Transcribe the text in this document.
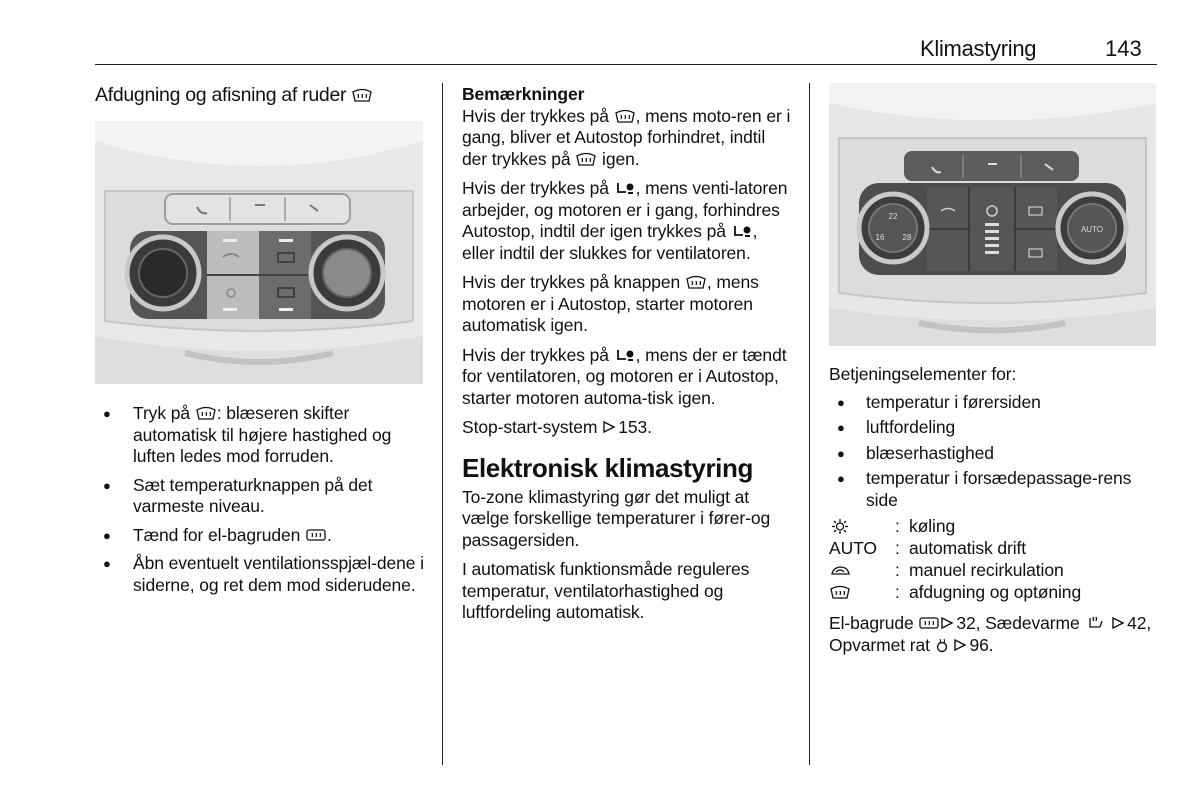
Klimastyring	143
Afdugning og afisning af ruder
● Tryk på
: blæseren skifter automatisk til højere hastighed og luften ledes mod forruden.
● Sæt temperaturknappen på det varmeste niveau.
● Tænd for el-bagruden
.
● Åbn eventuelt ventilationsspjæl-dene i siderne, og ret dem mod siderudene.
Bemærkninger

Hvis der trykkes på
, mens moto-ren er i gang, bliver et Autostop forhindret, indtil der trykkes på
igen.

Hvis der trykkes på
, mens venti-latoren arbejder, og motoren er i gang, forhindres Autostop, indtil der igen trykkes på
, eller indtil der slukkes for ventilatoren.

Hvis der trykkes på knappen
, mens motoren er i Autostop, starter motoren automatisk igen.

Hvis der trykkes på
, mens der er tændt for ventilatoren, og motoren er i Autostop, starter motoren automa-tisk igen.

Stop-start-system 153.

Elektronisk klimastyring

To-zone klimastyring gør det muligt at vælge forskellige temperaturer i fører-og passagersiden.

I automatisk funktionsmåde reguleres temperatur, ventilatorhastighed og luftfordeling automatisk.

22
16 28
AUTO

Betjeningselementer for:

● temperatur i førersiden
● luftfordeling
● blæserhastighed
● temperatur i forsædepassage-rens side
: køling
AUTO	: automatisk drift
: manuel recirkulation
: afdugning og optøning

El-bagrude 32, Sædevarme	42, Opvarmet rat 96.
